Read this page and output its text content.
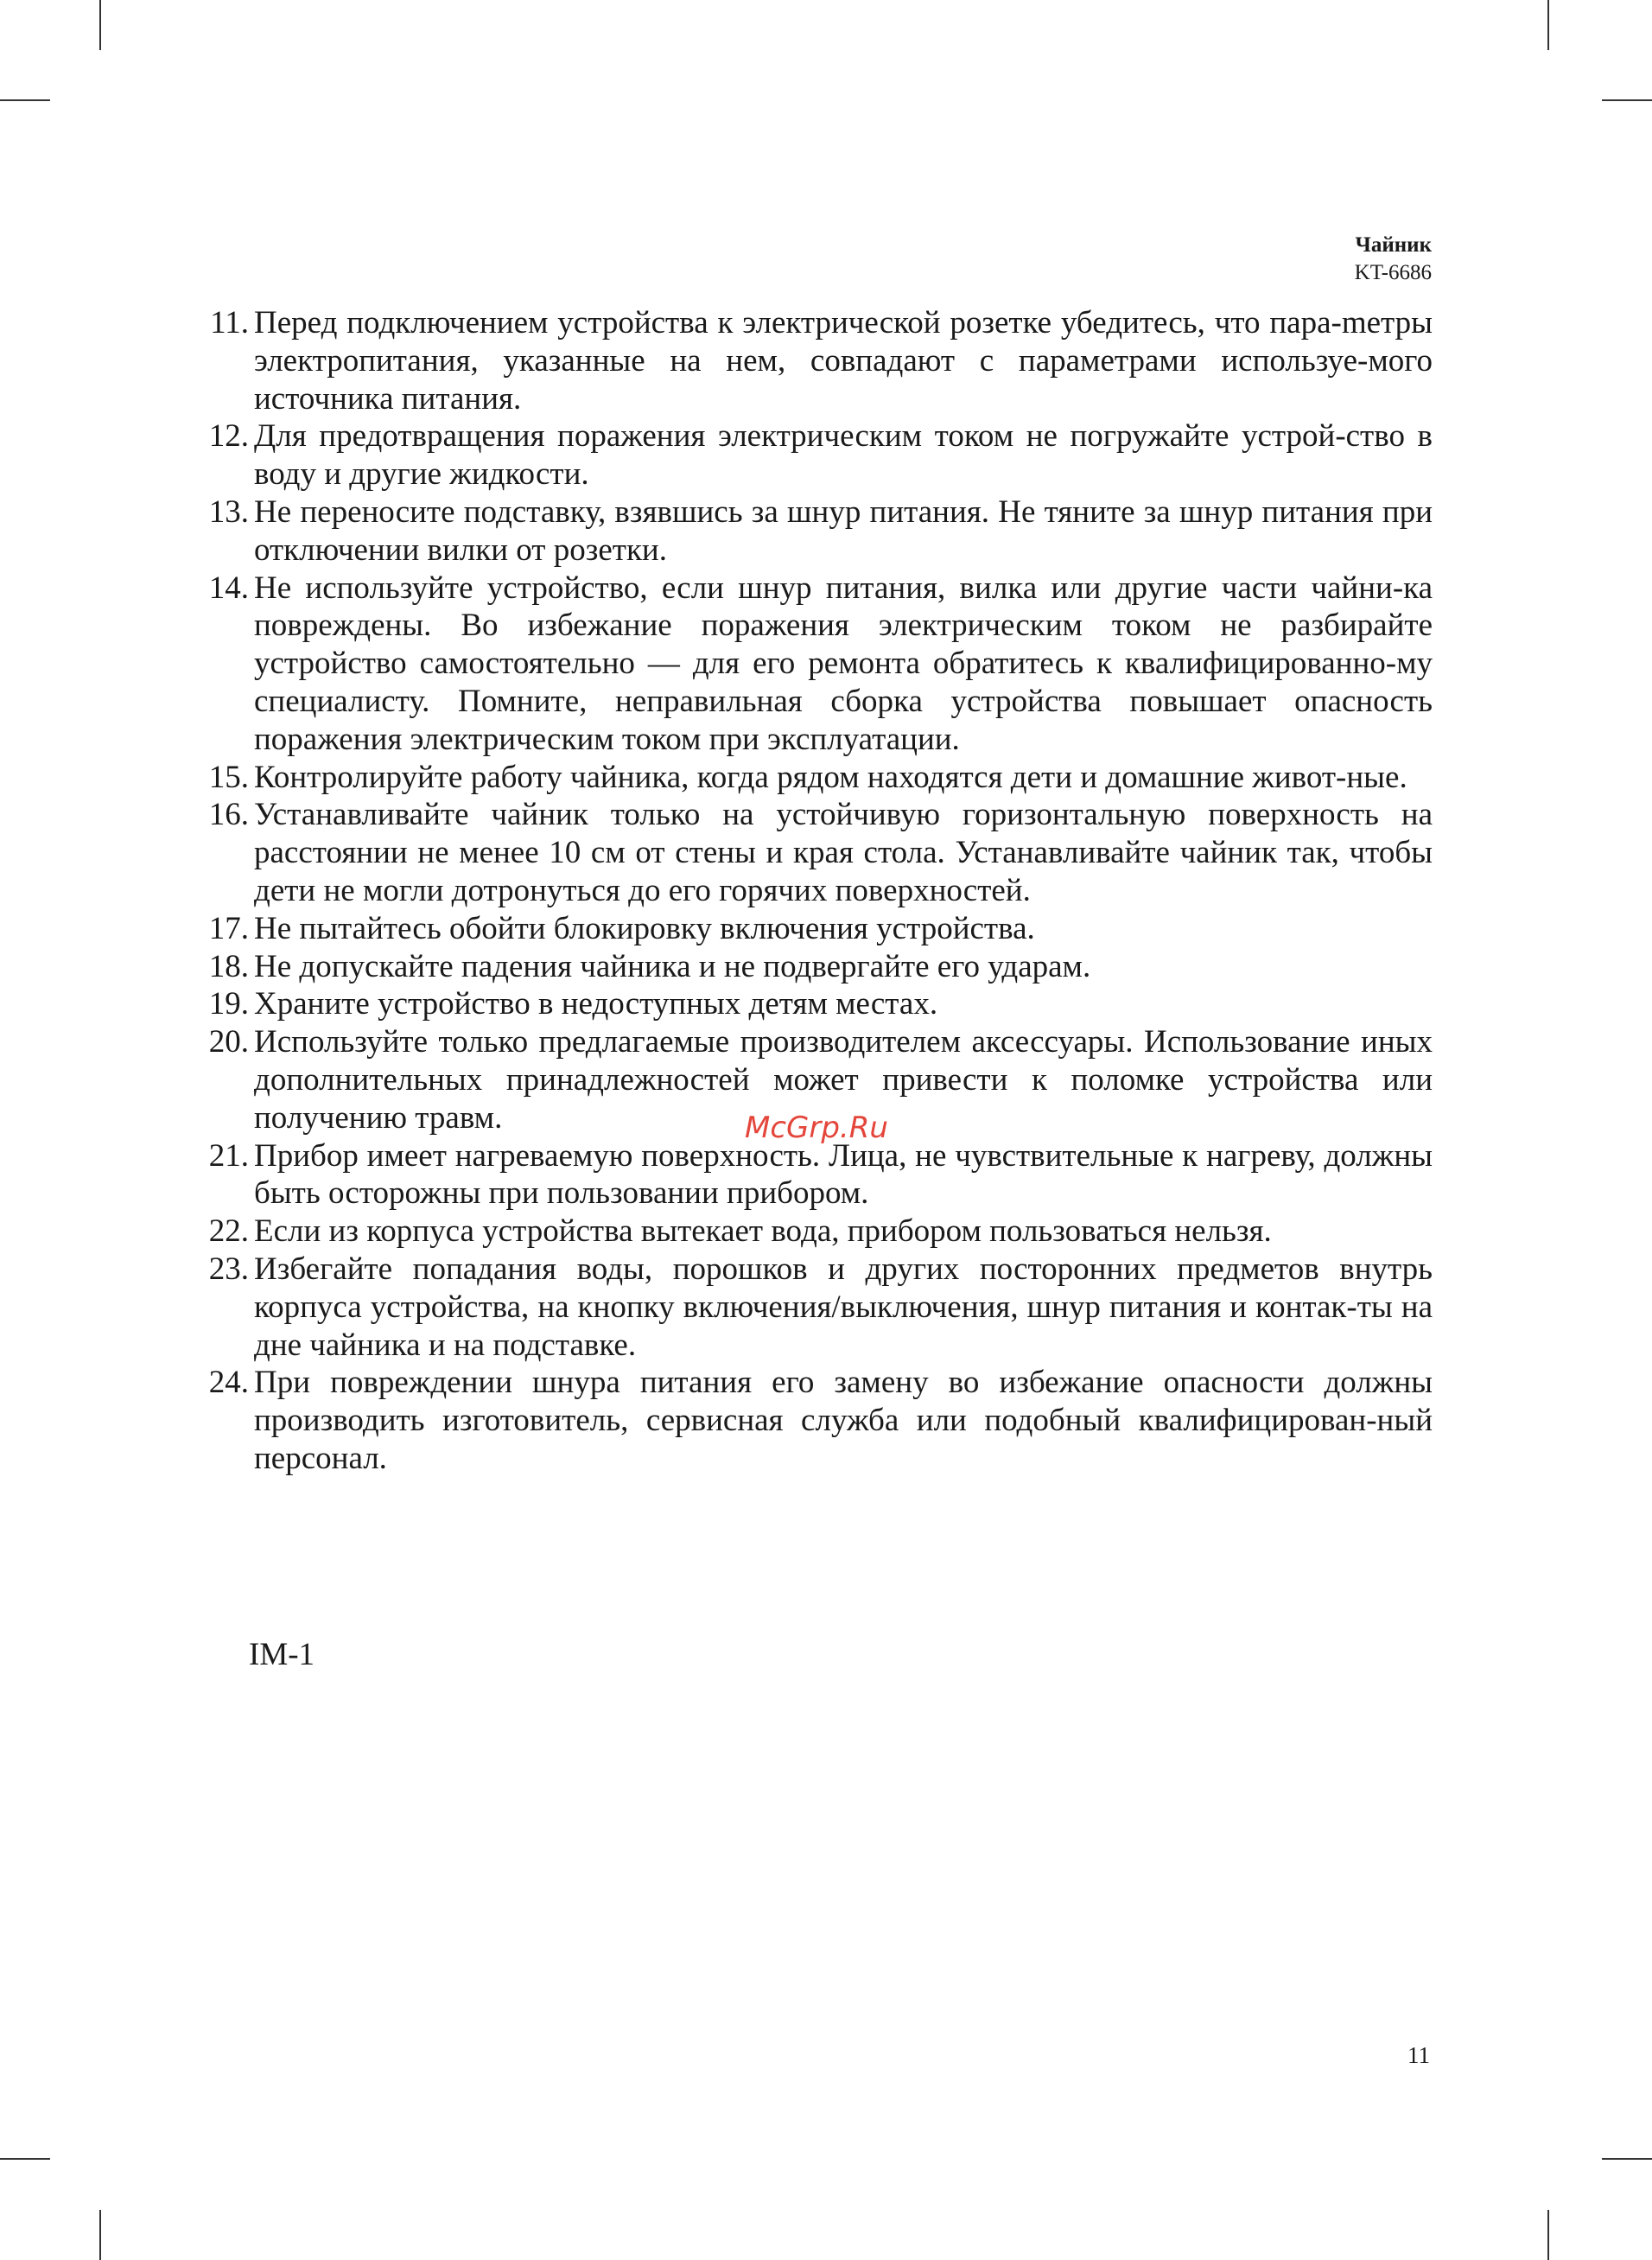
Чайник
KT-6686
11. Перед подключением устройства к электрической розетке убедитесь, что пара-mетры электропитания, указанные на нем, совпадают с параметрами используе-мого источника питания.
12. Для предотвращения поражения электрическим током не погружайте устрой-ство в воду и другие жидкости.
13. Не переносите подставку, взявшись за шнур питания. Не тяните за шнур питания при отключении вилки от розетки.
14. Не используйте устройство, если шнур питания, вилка или другие части чайни-ка повреждены. Во избежание поражения электрическим током не разбирайте устройство самостоятельно — для его ремонта обратитесь к квалифицированно-му специалисту. Помните, неправильная сборка устройства повышает опасность поражения электрическим током при эксплуатации.
15. Контролируйте работу чайника, когда рядом находятся дети и домашние живот-ные.
16. Устанавливайте чайник только на устойчивую горизонтальную поверхность на расстоянии не менее 10 см от стены и края стола. Устанавливайте чайник так, чтобы дети не могли дотронуться до его горячих поверхностей.
17. Не пытайтесь обойти блокировку включения устройства.
18. Не допускайте падения чайника и не подвергайте его ударам.
19. Храните устройство в недоступных детям местах.
20. Используйте только предлагаемые производителем аксессуары. Использование иных дополнительных принадлежностей может привести к поломке устройства или получению травм.
21. Прибор имеет нагреваемую поверхность. Лица, не чувствительные к нагреву, должны быть осторожны при пользовании прибором.
22. Если из корпуса устройства вытекает вода, прибором пользоваться нельзя.
23. Избегайте попадания воды, порошков и других посторонних предметов внутрь корпуса устройства, на кнопку включения/выключения, шнур питания и контак-ты на дне чайника и на подставке.
24. При повреждении шнура питания его замену во избежание опасности должны производить изготовитель, сервисная служба или подобный квалифицирован-ный персонал.
McGrp.Ru
IM-1
11
